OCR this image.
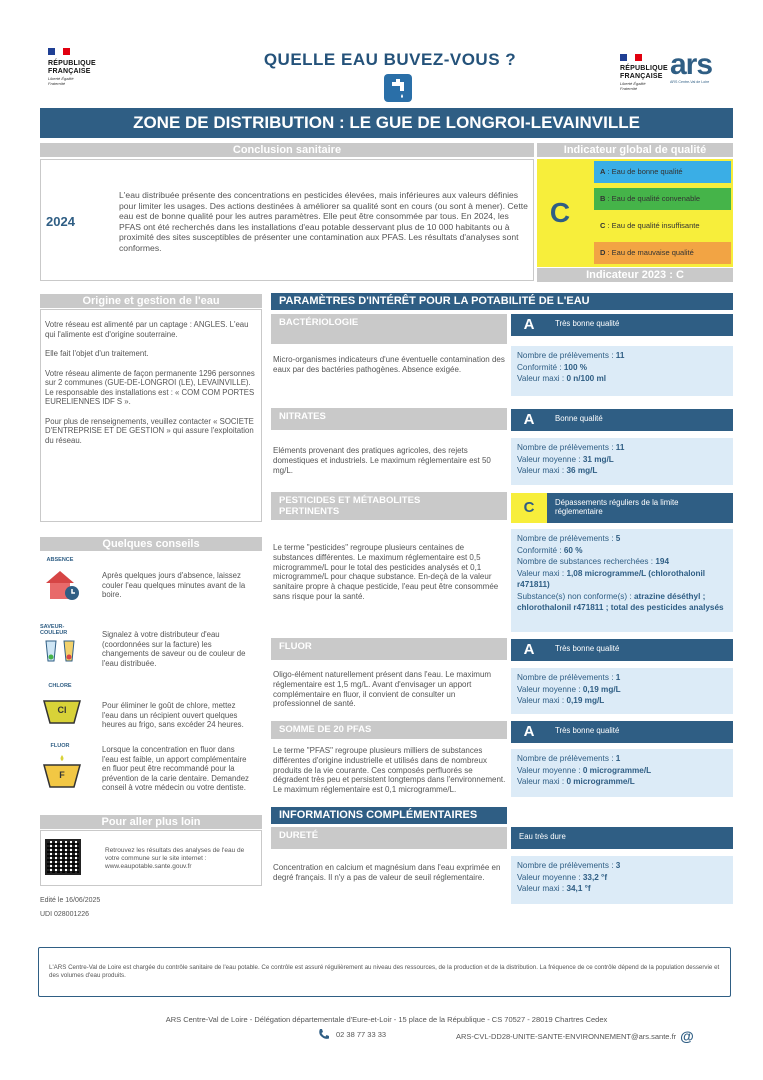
RÉPUBLIQUE
FRANÇAISE
Liberté Égalité Fraternité
QUELLE EAU BUVEZ-VOUS ?	RÉPUBLIQUE
FRANÇAISE
Liberté Égalité Fraternité
ars
ARS Centre-Val de Loire
ZONE DE DISTRIBUTION : LE GUE DE LONGROI-LEVAINVILLE
Conclusion sanitaire
2024
L'eau distribuée présente des concentrations en pesticides élevées, mais inférieures aux valeurs définies pour limiter les usages. Des actions destinées à améliorer sa qualité sont en cours (ou sont à mener). Cette eau est de bonne qualité pour les autres paramètres. Elle peut être consommée par tous. En 2024, les PFAS ont été recherchés dans les installations d'eau potable desservant plus de 10 000 habitants ou à proximité des sites susceptibles de présenter une contamination aux PFAS. Les résultats d'analyses sont conformes.
Indicateur global de qualité
C
A : Eau de bonne qualité
B : Eau de qualité convenable
C : Eau de qualité insuffisante
D : Eau de mauvaise qualité
Indicateur 2023 : C
Origine et gestion de l'eau
Votre réseau est alimenté par un captage : ANGLES. L'eau qui l'alimente est d'origine souterraine.
Elle fait l'objet d'un traitement.
Votre réseau alimente de façon permanente 1296 personnes sur 2 communes (GUE-DE-LONGROI (LE), LEVAINVILLE). Le responsable des installations est : « COM COM PORTES EURELIENNES IDF S ».
Pour plus de renseignements, veuillez contacter « SOCIETE D'ENTREPRISE ET DE GESTION » qui assure l'exploitation du réseau.
Quelques conseils
ABSENCE
Après quelques jours d'absence, laissez couler l'eau quelques minutes avant de la boire.
SAVEUR-COULEUR	Signalez à votre distributeur d'eau (coordonnées sur la facture) les changements de saveur ou de couleur de l'eau distribuée.
CHLORE
Cl	Pour éliminer le goût de chlore, mettez l'eau dans un récipient ouvert quelques heures au frigo, sans excéder 24 heures.
FLUOR
F
Lorsque la concentration en fluor dans l'eau est faible, un apport complémentaire en fluor peut être recommandé pour la prévention de la carie dentaire. Demandez conseil à votre médecin ou votre dentiste.
Pour aller plus loin
Retrouvez les résultats des analyses de l'eau de votre commune sur le site internet : www.eaupotable.sante.gouv.fr
Edité le 16/06/2025
UDI 028001226
PARAMÈTRES D'INTÉRÊT POUR LA POTABILITÉ DE L'EAU
BACTÉRIOLOGIE	A	Très bonne qualité
Micro-organismes indicateurs d'une éventuelle contamination des eaux par des bactéries pathogènes. Absence exigée.
Nombre de prélèvements : 11
Conformité : 100 %
Valeur maxi : 0 n/100 ml
NITRATES	A	Bonne qualité
Eléments provenant des pratiques agricoles, des rejets domestiques et industriels. Le maximum réglementaire est 50 mg/L.
Nombre de prélèvements : 11
Valeur moyenne : 31 mg/L
Valeur maxi : 36 mg/L
PESTICIDES ET MÉTABOLITES PERTINENTS	C	Dépassements réguliers de la limite réglementaire
Le terme "pesticides" regroupe plusieurs centaines de substances différentes. Le maximum réglementaire est 0,5 microgramme/L pour le total des pesticides analysés et 0,1 microgramme/L pour chaque substance. En-deçà de la valeur sanitaire propre à chaque pesticide, l'eau peut être consommée sans risque pour la santé.
Nombre de prélèvements : 5
Conformité : 60 %
Nombre de substances recherchées : 194
Valeur maxi : 1,08 microgramme/L (chlorothalonil r471811)
Substance(s) non conforme(s) : atrazine déséthyl ; chlorothalonil r471811 ; total des pesticides analysés
FLUOR	A	Très bonne qualité
Oligo-élément naturellement présent dans l'eau. Le maximum réglementaire est 1,5 mg/L. Avant d'envisager un apport complémentaire en fluor, il convient de consulter un professionnel de santé.
Nombre de prélèvements : 1
Valeur moyenne : 0,19 mg/L
Valeur maxi : 0,19 mg/L
SOMME DE 20 PFAS	A	Très bonne qualité
Le terme "PFAS" regroupe plusieurs milliers de substances différentes d'origine industrielle et utilisés dans de nombreux produits de la vie courante. Ces composés perfluorés se dégradent très peu et persistent longtemps dans l'environnement. Le maximum réglementaire est 0,1 microgramme/L.
Nombre de prélèvements : 1
Valeur moyenne : 0 microgramme/L
Valeur maxi : 0 microgramme/L
INFORMATIONS COMPLÉMENTAIRES
DURETÉ	Eau très dure
Concentration en calcium et magnésium dans l'eau exprimée en degré français. Il n'y a pas de valeur de seuil réglementaire.
Nombre de prélèvements : 3
Valeur moyenne : 33,2 °f
Valeur maxi : 34,1 °f
L'ARS Centre-Val de Loire est chargée du contrôle sanitaire de l'eau potable. Ce contrôle est assuré régulièrement au niveau des ressources, de la production et de la distribution. La fréquence de ce contrôle dépend de la population desservie et des volumes d'eau produits.
ARS Centre-Val de Loire - Délégation départementale d'Eure-et-Loir - 15 place de la République - CS 70527 - 28019 Chartres Cedex
02 38 77 33 33	ARS-CVL-DD28-UNITE-SANTE-ENVIRONNEMENT@ars.sante.fr @
